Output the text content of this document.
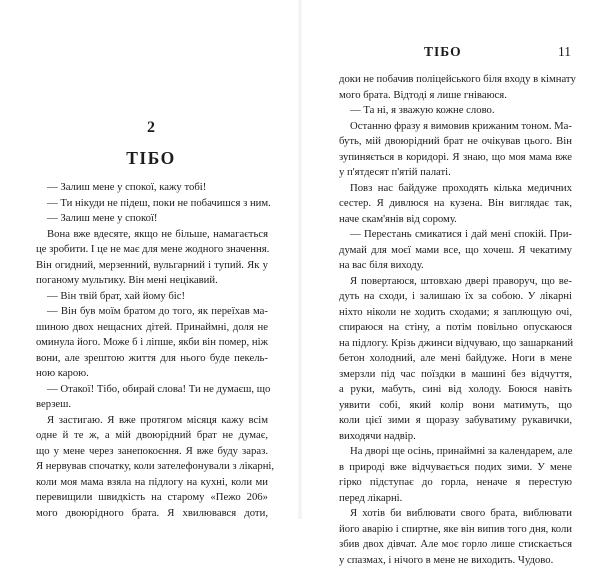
2
ТІБО
— Залиш мене у спокої, кажу тобі!
— Ти нікуди не підеш, поки не побачишся з ним.
— Залиш мене у спокої!
Вона вже вдесяте, якщо не більше, намагається
це зробити. І це не має для мене жодного значення.
Він огидний, мерзенний, вульгарний і тупий. Як у
поганому мультику. Він мені нецікавий.
— Він твій брат, хай йому біс!
— Він був моїм братом до того, як переїхав ма-
шиною двох нещасних дітей. Принаймні, доля не
оминула його. Може б і ліпше, якби він помер, ніж
вони, але зрештою життя для нього буде пекель-
ною карою.
— Отакої! Тібо, обирай слова! Ти не думаєш, що
верзеш.
Я застигаю. Я вже протягом місяця кажу всім
одне й те ж, а мій двоюрідний брат не думає,
що у мене через занепокоєння. Я вже буду зараз.
Я нервував спочатку, коли зателефонували з лікарні,
коли моя мама взяла на підлогу на кухні, коли ми
перевищили швидкість на старому «Пежо 206»
мого двоюрідного брата. Я хвилювався доти,
ТІБО	11
доки не побачив поліцейського біля входу в кімнату
мого брата. Відтоді я лише гніваюся.
— Та ні, я зважую кожне слово.
Останню фразу я вимовив крижаним тоном. Ма-
буть, мій двоюрідний брат не очікував цього. Він
зупиняється в коридорі. Я знаю, що моя мама вже
у п'ятдесят п'ятій палаті.
Повз нас байдуже проходять кілька медичних
сестер. Я дивлюся на кузена. Він виглядає так,
наче скам'янів від сорому.
— Перестань смикатися і дай мені спокій. При-
думай для моєї мами все, що хочеш. Я чекатиму
на вас біля виходу.
Я повертаюся, штовхаю двері праворуч, що ве-
дуть на сходи, і залишаю їх за собою. У лікарні
ніхто ніколи не ходить сходами; я заплющую очі,
спираюся на стіну, а потім повільно опускаюся
на підлогу. Крізь джинси відчуваю, що зашарканий
бетон холодний, але мені байдуже. Ноги в мене
змерзли під час поїздки в машині без відчуття,
а руки, мабуть, сині від холоду. Боюся навіть
уявити собі, який колір вони матимуть, що
коли цієї зими я щоразу забуватиму рукавички,
виходячи надвір.
На дворі ще осінь, принаймні за календарем, але
в природі вже відчувається подих зими. У мене
гірко підступає до горла, неначе я перестую
перед лікарні.
Я хотів би виблювати свого брата, виблювати
його аварію і спиртне, яке він випив того дня, коли
збив двох дівчат. Але моє горло лише стискається
у спазмах, і нічого в мене не виходить. Чудово.
